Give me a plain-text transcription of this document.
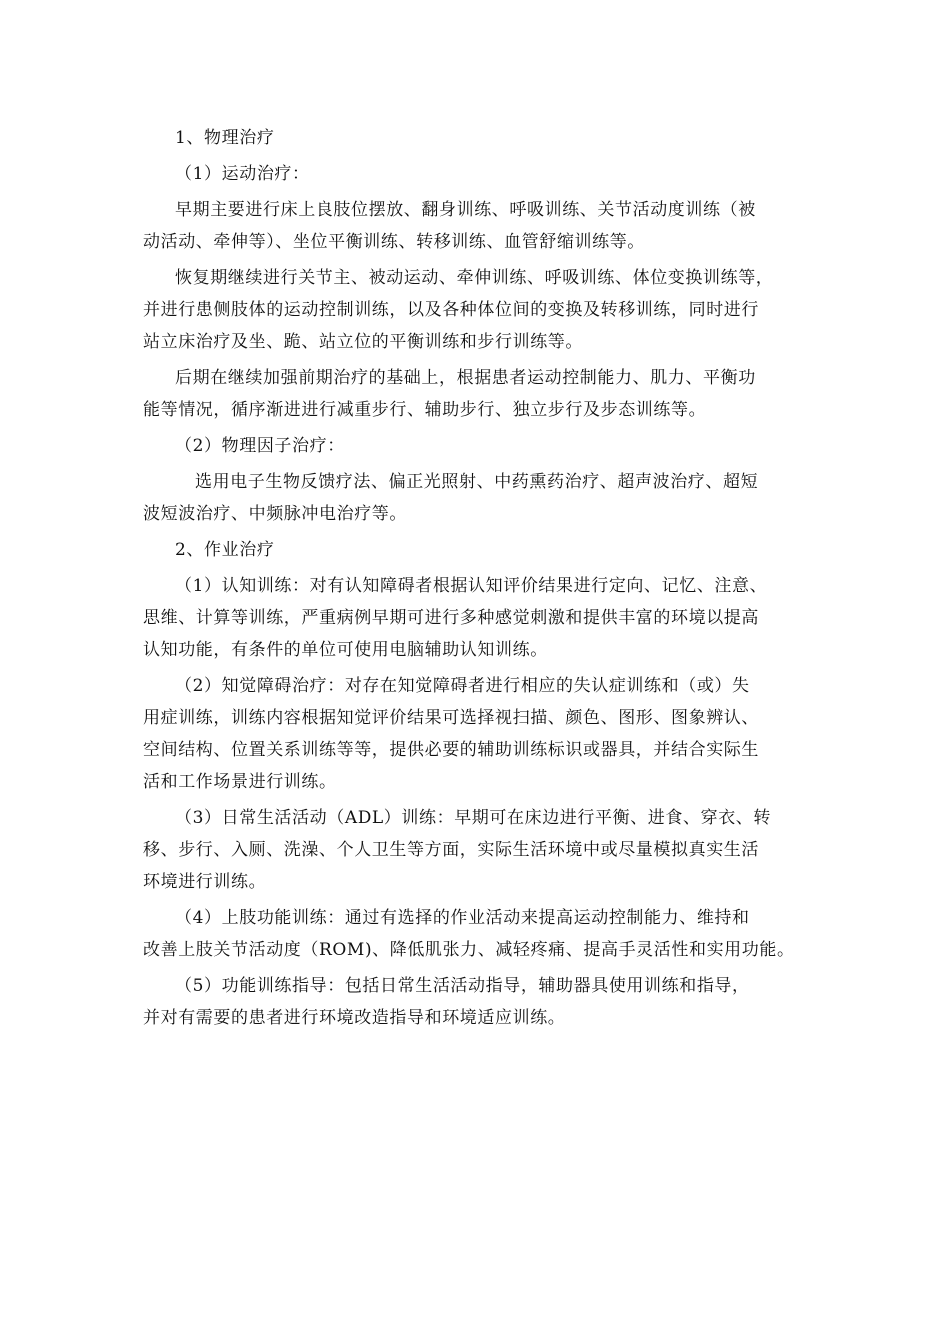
1、物理治疗
（1）运动治疗：
早期主要进行床上良肢位摆放、翻身训练、呼吸训练、关节活动度训练（被
动活动、牵伸等）、坐位平衡训练、转移训练、血管舒缩训练等。
恢复期继续进行关节主、被动运动、牵伸训练、呼吸训练、体位变换训练等，
并进行患侧肢体的运动控制训练，以及各种体位间的变换及转移训练，同时进行
站立床治疗及坐、跪、站立位的平衡训练和步行训练等。
后期在继续加强前期治疗的基础上，根据患者运动控制能力、肌力、平衡功
能等情况，循序渐进进行减重步行、辅助步行、独立步行及步态训练等。
（2）物理因子治疗：
选用电子生物反馈疗法、偏正光照射、中药熏药治疗、超声波治疗、超短
波短波治疗、中频脉冲电治疗等。
2、作业治疗
（1）认知训练：对有认知障碍者根据认知评价结果进行定向、记忆、注意、
思维、计算等训练，严重病例早期可进行多种感觉刺激和提供丰富的环境以提高
认知功能，有条件的单位可使用电脑辅助认知训练。
（2）知觉障碍治疗：对存在知觉障碍者进行相应的失认症训练和（或）失
用症训练，训练内容根据知觉评价结果可选择视扫描、颜色、图形、图象辨认、
空间结构、位置关系训练等等，提供必要的辅助训练标识或器具，并结合实际生
活和工作场景进行训练。
（3）日常生活活动（ADL）训练：早期可在床边进行平衡、进食、穿衣、转
移、步行、入厕、洗澡、个人卫生等方面，实际生活环境中或尽量模拟真实生活
环境进行训练。
（4）上肢功能训练：通过有选择的作业活动来提高运动控制能力、维持和
改善上肢关节活动度（ROM)、降低肌张力、减轻疼痛、提高手灵活性和实用功能。
（5）功能训练指导：包括日常生活活动指导，辅助器具使用训练和指导，
并对有需要的患者进行环境改造指导和环境适应训练。
